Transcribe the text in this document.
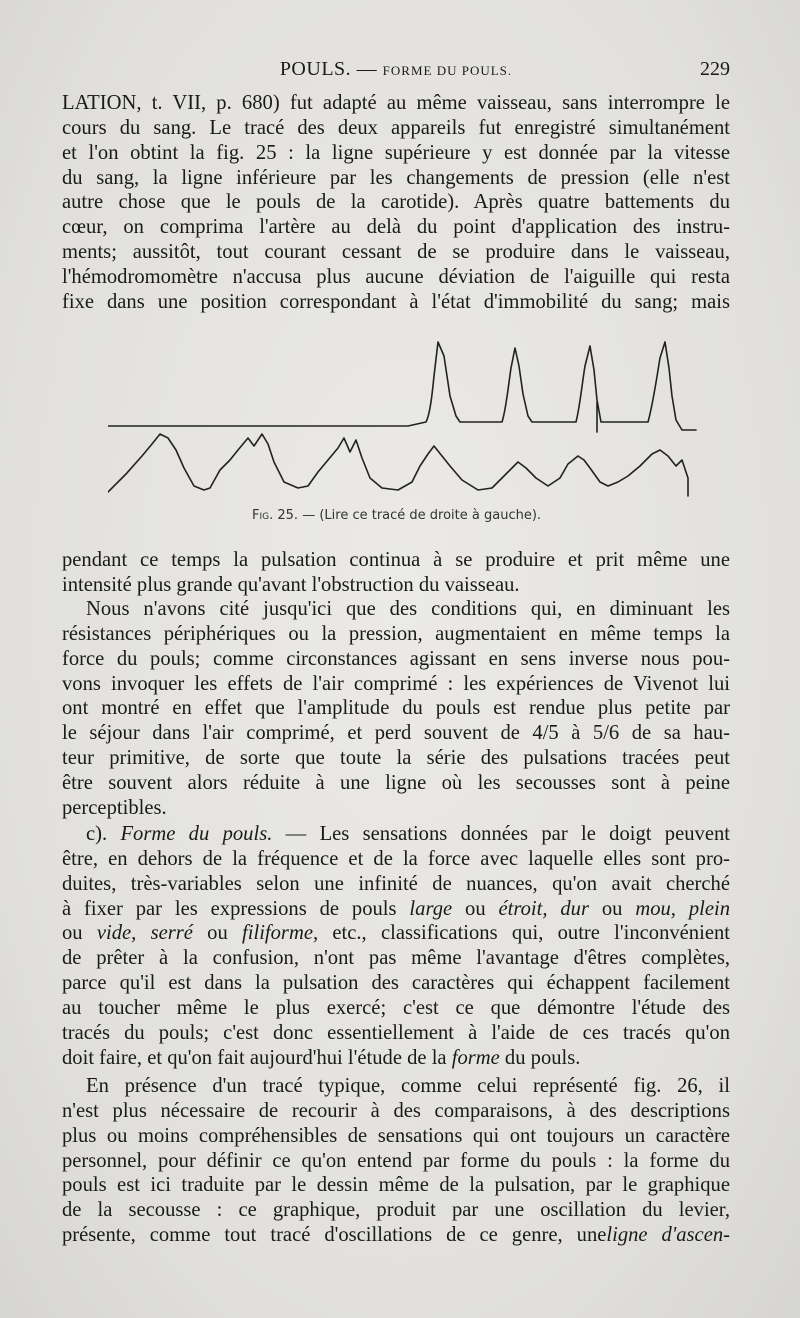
POULS. — FORME DU POULS.	229
LATION, t. VII, p. 680) fut adapté au même vaisseau, sans interrompre le
cours du sang. Le tracé des deux appareils fut enregistré simultanément
et l'on obtint la fig. 25 : la ligne supérieure y est donnée par la vitesse
du sang, la ligne inférieure par les changements de pression (elle n'est
autre chose que le pouls de la carotide). Après quatre battements du
cœur, on comprima l'artère au delà du point d'application des instru-
ments; aussitôt, tout courant cessant de se produire dans le vaisseau,
l'hémodromomètre n'accusa plus aucune déviation de l'aiguille qui resta
fixe dans une position correspondant à l'état d'immobilité du sang; mais
Fig. 25. — (Lire ce tracé de droite à gauche).
pendant ce temps la pulsation continua à se produire et prit même une
intensité plus grande qu'avant l'obstruction du vaisseau.
Nous n'avons cité jusqu'ici que des conditions qui, en diminuant les
résistances périphériques ou la pression, augmentaient en même temps la
force du pouls; comme circonstances agissant en sens inverse nous pou-
vons invoquer les effets de l'air comprimé : les expériences de Vivenot lui
ont montré en effet que l'amplitude du pouls est rendue plus petite par
le séjour dans l'air comprimé, et perd souvent de 4/5 à 5/6 de sa hau-
teur primitive, de sorte que toute la série des pulsations tracées peut
être souvent alors réduite à une ligne où les secousses sont à peine
perceptibles.
c). Forme du pouls. — Les sensations données par le doigt peuvent
être, en dehors de la fréquence et de la force avec laquelle elles sont pro-
duites, très-variables selon une infinité de nuances, qu'on avait cherché
à fixer par les expressions de pouls large ou étroit, dur ou mou, plein
ou vide, serré ou filiforme, etc., classifications qui, outre l'inconvénient
de prêter à la confusion, n'ont pas même l'avantage d'êtres complètes,
parce qu'il est dans la pulsation des caractères qui échappent facilement
au toucher même le plus exercé; c'est ce que démontre l'étude des
tracés du pouls; c'est donc essentiellement à l'aide de ces tracés qu'on
doit faire, et qu'on fait aujourd'hui l'étude de la forme du pouls.
En présence d'un tracé typique, comme celui représenté fig. 26, il
n'est plus nécessaire de recourir à des comparaisons, à des descriptions
plus ou moins compréhensibles de sensations qui ont toujours un caractère
personnel, pour définir ce qu'on entend par forme du pouls : la forme du
pouls est ici traduite par le dessin même de la pulsation, par le graphique
de la secousse : ce graphique, produit par une oscillation du levier,
présente, comme tout tracé d'oscillations de ce genre, uneligne d'ascen-
